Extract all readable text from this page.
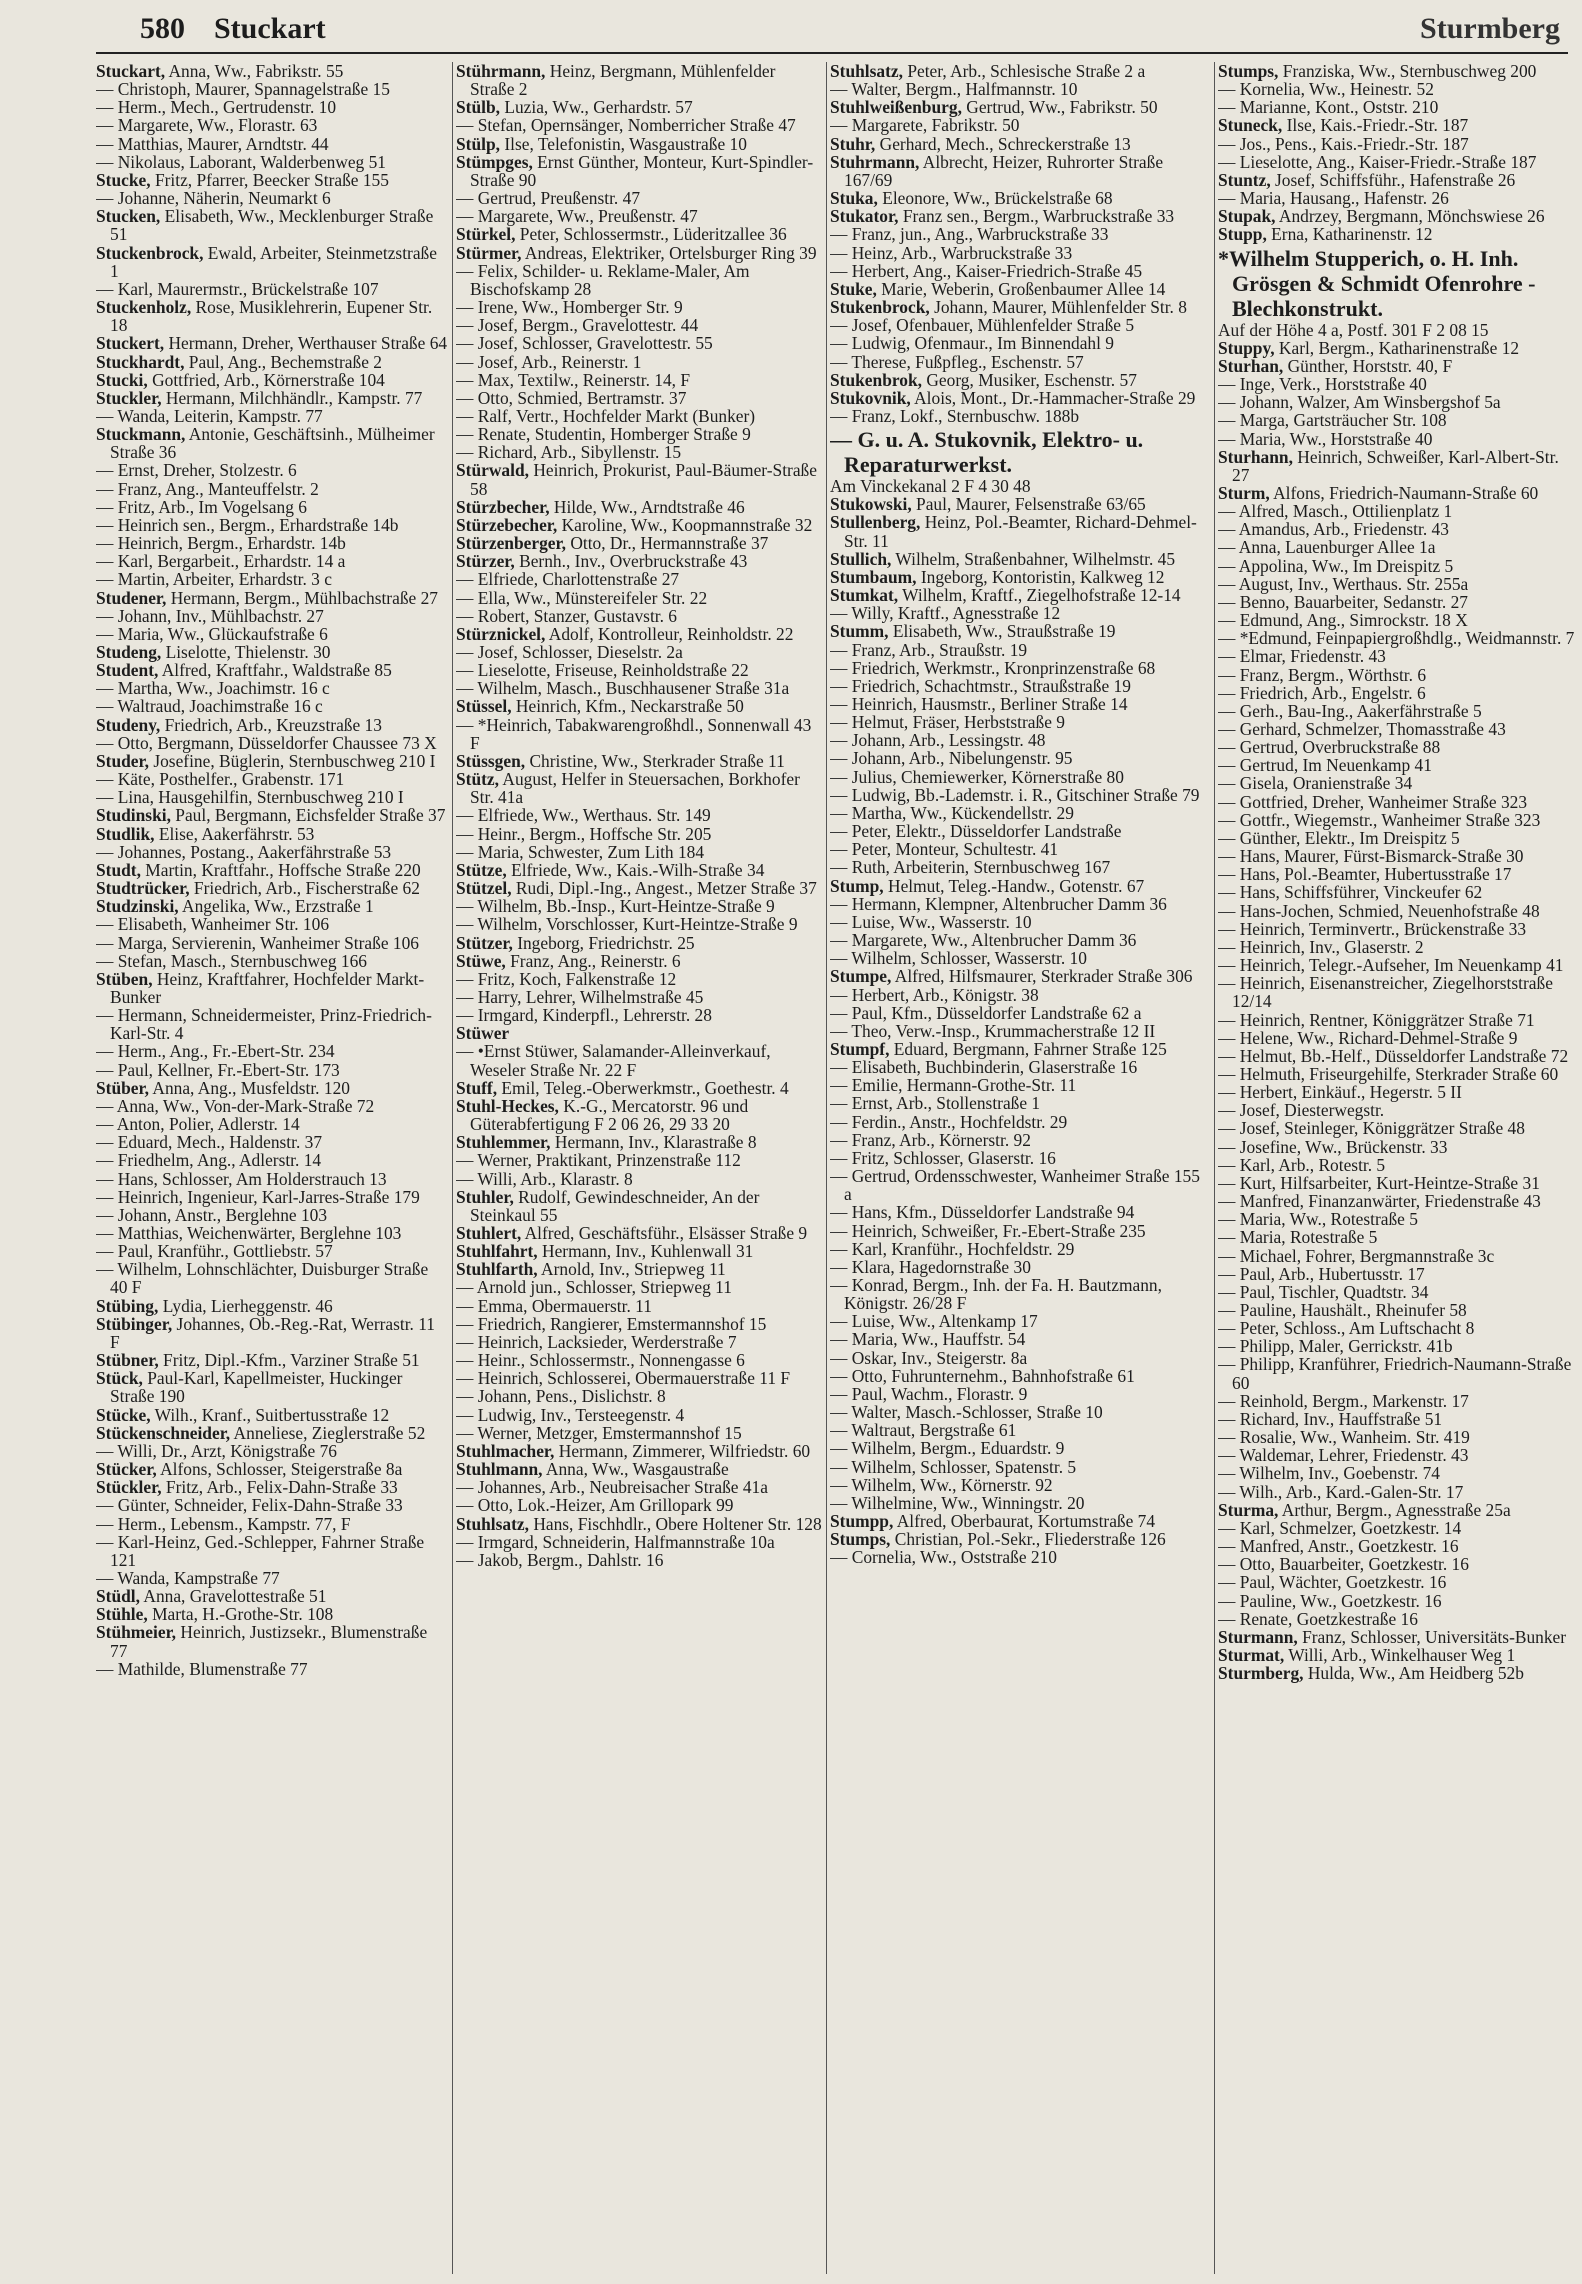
580 Stuckart	Sturmberg

Stuckart, Anna, Ww., Fabrikstr. 55

— Christoph, Maurer, Spannagelstraße 15

— Herm., Mech., Gertrudenstr. 10

— Margarete, Ww., Florastr. 63

— Matthias, Maurer, Arndtstr. 44

— Nikolaus, Laborant, Walderbenweg 51

Stucke, Fritz, Pfarrer, Beecker Straße 155

— Johanne, Näherin, Neumarkt 6

Stucken, Elisabeth, Ww., Mecklenburger Straße 51

Stuckenbrock, Ewald, Arbeiter, Steinmetzstraße 1

— Karl, Maurermstr., Brückelstraße 107

Stuckenholz, Rose, Musiklehrerin, Eupener Str. 18

Stuckert, Hermann, Dreher, Werthauser Straße 64

Stuckhardt, Paul, Ang., Bechemstraße 2

Stucki, Gottfried, Arb., Körnerstraße 104

Stuckler, Hermann, Milchhändlr., Kampstr. 77

— Wanda, Leiterin, Kampstr. 77

Stuckmann, Antonie, Geschäftsinh., Mülheimer Straße 36

— Ernst, Dreher, Stolzestr. 6

— Franz, Ang., Manteuffelstr. 2

— Fritz, Arb., Im Vogelsang 6

— Heinrich sen., Bergm., Erhardstraße 14b

— Heinrich, Bergm., Erhardstr. 14b

— Karl, Bergarbeit., Erhardstr. 14 a

— Martin, Arbeiter, Erhardstr. 3 c

Studener, Hermann, Bergm., Mühlbachstraße 27

— Johann, Inv., Mühlbachstr. 27

— Maria, Ww., Glückaufstraße 6

Studeng, Liselotte, Thielenstr. 30

Student, Alfred, Kraftfahr., Waldstraße 85

— Martha, Ww., Joachimstr. 16 c

— Waltraud, Joachimstraße 16 c

Studeny, Friedrich, Arb., Kreuzstraße 13

— Otto, Bergmann, Düsseldorfer Chaussee 73 X

Studer, Josefine, Büglerin, Sternbuschweg 210 I

— Käte, Posthelfer., Grabenstr. 171

— Lina, Hausgehilfin, Sternbuschweg 210 I

Studinski, Paul, Bergmann, Eichsfelder Straße 37

Studlik, Elise, Aakerfährstr. 53

— Johannes, Postang., Aakerfährstraße 53

Studt, Martin, Kraftfahr., Hoffsche Straße 220

Studtrücker, Friedrich, Arb., Fischerstraße 62

Studzinski, Angelika, Ww., Erzstraße 1

— Elisabeth, Wanheimer Str. 106

— Marga, Servierenin, Wanheimer Straße 106

— Stefan, Masch., Sternbuschweg 166

Stüben, Heinz, Kraftfahrer, Hochfelder Markt-Bunker

— Hermann, Schneidermeister, Prinz-Friedrich-Karl-Str. 4

— Herm., Ang., Fr.-Ebert-Str. 234

— Paul, Kellner, Fr.-Ebert-Str. 173

Stüber, Anna, Ang., Musfeldstr. 120

— Anna, Ww., Von-der-Mark-Straße 72

— Anton, Polier, Adlerstr. 14

— Eduard, Mech., Haldenstr. 37

— Friedhelm, Ang., Adlerstr. 14

— Hans, Schlosser, Am Holderstrauch 13

— Heinrich, Ingenieur, Karl-Jarres-Straße 179

— Johann, Anstr., Berglehne 103

— Matthias, Weichenwärter, Berglehne 103

— Paul, Kranführ., Gottliebstr. 57

— Wilhelm, Lohnschlächter, Duisburger Straße 40 F

Stübing, Lydia, Lierheggenstr. 46

Stübinger, Johannes, Ob.-Reg.-Rat, Werrastr. 11 F

Stübner, Fritz, Dipl.-Kfm., Varziner Straße 51

Stück, Paul-Karl, Kapellmeister, Huckinger Straße 190

Stücke, Wilh., Kranf., Suitbertusstraße 12

Stückenschneider, Anneliese, Zieglerstraße 52

— Willi, Dr., Arzt, Königstraße 76

Stücker, Alfons, Schlosser, Steigerstraße 8a

Stückler, Fritz, Arb., Felix-Dahn-Straße 33

— Günter, Schneider, Felix-Dahn-Straße 33

— Herm., Lebensm., Kampstr. 77, F

— Karl-Heinz, Ged.-Schlepper, Fahrner Straße 121

— Wanda, Kampstraße 77

Stüdl, Anna, Gravelottestraße 51

Stühle, Marta, H.-Grothe-Str. 108

Stühmeier, Heinrich, Justizsekr., Blumenstraße 77

— Mathilde, Blumenstraße 77

Stührmann, Heinz, Bergmann, Mühlenfelder Straße 2

Stülb, Luzia, Ww., Gerhardstr. 57

— Stefan, Opernsänger, Nomberricher Straße 47

Stülp, Ilse, Telefonistin, Wasgaustraße 10

Stümpges, Ernst Günther, Monteur, Kurt-Spindler-Straße 90

— Gertrud, Preußenstr. 47

— Margarete, Ww., Preußenstr. 47

Stürkel, Peter, Schlossermstr., Lüderitzallee 36

Stürmer, Andreas, Elektriker, Ortelsburger Ring 39

— Felix, Schilder- u. Reklame-Maler, Am Bischofskamp 28

— Irene, Ww., Homberger Str. 9

— Josef, Bergm., Gravelottestr. 44

— Josef, Schlosser, Gravelottestr. 55

— Josef, Arb., Reinerstr. 1

— Max, Textilw., Reinerstr. 14, F

— Otto, Schmied, Bertramstr. 37

— Ralf, Vertr., Hochfelder Markt (Bunker)

— Renate, Studentin, Homberger Straße 9

— Richard, Arb., Sibyllenstr. 15

Stürwald, Heinrich, Prokurist, Paul-Bäumer-Straße 58

Stürzbecher, Hilde, Ww., Arndtstraße 46

Stürzebecher, Karoline, Ww., Koopmannstraße 32

Stürzenberger, Otto, Dr., Hermannstraße 37

Stürzer, Bernh., Inv., Overbruckstraße 43

— Elfriede, Charlottenstraße 27

— Ella, Ww., Münstereifeler Str. 22

— Robert, Stanzer, Gustavstr. 6

Stürznickel, Adolf, Kontrolleur, Reinholdstr. 22

— Josef, Schlosser, Dieselstr. 2a

— Lieselotte, Friseuse, Reinholdstraße 22

— Wilhelm, Masch., Buschhausener Straße 31a

Stüssel, Heinrich, Kfm., Neckarstraße 50

— *Heinrich, Tabakwarengroßhdl., Sonnenwall 43 F

Stüssgen, Christine, Ww., Sterkrader Straße 11

Stütz, August, Helfer in Steuersachen, Borkhofer Str. 41a

— Elfriede, Ww., Werthaus. Str. 149

— Heinr., Bergm., Hoffsche Str. 205

— Maria, Schwester, Zum Lith 184

Stütze, Elfriede, Ww., Kais.-Wilh-Straße 34

Stützel, Rudi, Dipl.-Ing., Angest., Metzer Straße 37

— Wilhelm, Bb.-Insp., Kurt-Heintze-Straße 9

— Wilhelm, Vorschlosser, Kurt-Heintze-Straße 9

Stützer, Ingeborg, Friedrichstr. 25

Stüwe, Franz, Ang., Reinerstr. 6

— Fritz, Koch, Falkenstraße 12

— Harry, Lehrer, Wilhelmstraße 45

— Irmgard, Kinderpfl., Lehrerstr. 28

Stüwer

— •Ernst Stüwer, Salamander-Alleinverkauf, Weseler Straße Nr. 22 F

Stuff, Emil, Teleg.-Oberwerkmstr., Goethestr. 4

Stuhl-Heckes, K.-G., Mercatorstr. 96 und Güterabfertigung F 2 06 26, 29 33 20

Stuhlemmer, Hermann, Inv., Klarastraße 8

— Werner, Praktikant, Prinzenstraße 112

— Willi, Arb., Klarastr. 8

Stuhler, Rudolf, Gewindeschneider, An der Steinkaul 55

Stuhlert, Alfred, Geschäftsführ., Elsässer Straße 9

Stuhlfahrt, Hermann, Inv., Kuhlenwall 31

Stuhlfarth, Arnold, Inv., Striepweg 11

— Arnold jun., Schlosser, Striepweg 11

— Emma, Obermauerstr. 11

— Friedrich, Rangierer, Emstermannshof 15

— Heinrich, Lacksieder, Werderstraße 7

— Heinr., Schlossermstr., Nonnengasse 6

— Heinrich, Schlosserei, Obermauerstraße 11 F

— Johann, Pens., Dislichstr. 8

— Ludwig, Inv., Tersteegenstr. 4

— Werner, Metzger, Emstermannshof 15

Stuhlmacher, Hermann, Zimmerer, Wilfriedstr. 60

Stuhlmann, Anna, Ww., Wasgaustraße

— Johannes, Arb., Neubreisacher Straße 41a

— Otto, Lok.-Heizer, Am Grillopark 99

Stuhlsatz, Hans, Fischhdlr., Obere Holtener Str. 128

— Irmgard, Schneiderin, Halfmannstraße 10a

— Jakob, Bergm., Dahlstr. 16

Stuhlsatz, Peter, Arb., Schlesische Straße 2 a

— Walter, Bergm., Halfmannstr. 10

Stuhlweißenburg, Gertrud, Ww., Fabrikstr. 50

— Margarete, Fabrikstr. 50

Stuhr, Gerhard, Mech., Schreckerstraße 13

Stuhrmann, Albrecht, Heizer, Ruhrorter Straße 167/69

Stuka, Eleonore, Ww., Brückelstraße 68

Stukator, Franz sen., Bergm., Warbruckstraße 33

— Franz, jun., Ang., Warbruckstraße 33

— Heinz, Arb., Warbruckstraße 33

— Herbert, Ang., Kaiser-Friedrich-Straße 45

Stuke, Marie, Weberin, Großenbaumer Allee 14

Stukenbrock, Johann, Maurer, Mühlenfelder Str. 8

— Josef, Ofenbauer, Mühlenfelder Straße 5

— Ludwig, Ofenmaur., Im Binnendahl 9

— Therese, Fußpfleg., Eschenstr. 57

Stukenbrok, Georg, Musiker, Eschenstr. 57

Stukovnik, Alois, Mont., Dr.-Hammacher-Straße 29

— Franz, Lokf., Sternbuschw. 188b

— G. u. A. Stukovnik, Elektro- u. Reparaturwerkst.

Am Vinckekanal 2 F 4 30 48

Stukowski, Paul, Maurer, Felsenstraße 63/65

Stullenberg, Heinz, Pol.-Beamter, Richard-Dehmel-Str. 11

Stullich, Wilhelm, Straßenbahner, Wilhelmstr. 45

Stumbaum, Ingeborg, Kontoristin, Kalkweg 12

Stumkat, Wilhelm, Kraftf., Ziegelhofstraße 12-14

— Willy, Kraftf., Agnesstraße 12

Stumm, Elisabeth, Ww., Straußstraße 19

— Franz, Arb., Straußstr. 19

— Friedrich, Werkmstr., Kronprinzenstraße 68

— Friedrich, Schachtmstr., Straußstraße 19

— Heinrich, Hausmstr., Berliner Straße 14

— Helmut, Fräser, Herbststraße 9

— Johann, Arb., Lessingstr. 48

— Johann, Arb., Nibelungenstr. 95

— Julius, Chemiewerker, Körnerstraße 80

— Ludwig, Bb.-Lademstr. i. R., Gitschiner Straße 79

— Martha, Ww., Kückendellstr. 29

— Peter, Elektr., Düsseldorfer Landstraße

— Peter, Monteur, Schultestr. 41

— Ruth, Arbeiterin, Sternbuschweg 167

Stump, Helmut, Teleg.-Handw., Gotenstr. 67

— Hermann, Klempner, Altenbrucher Damm 36

— Luise, Ww., Wasserstr. 10

— Margarete, Ww., Altenbrucher Damm 36

— Wilhelm, Schlosser, Wasserstr. 10

Stumpe, Alfred, Hilfsmaurer, Sterkrader Straße 306

— Herbert, Arb., Königstr. 38

— Paul, Kfm., Düsseldorfer Landstraße 62 a

— Theo, Verw.-Insp., Krummacherstraße 12 II

Stumpf, Eduard, Bergmann, Fahrner Straße 125

— Elisabeth, Buchbinderin, Glaserstraße 16

— Emilie, Hermann-Grothe-Str. 11

— Ernst, Arb., Stollenstraße 1

— Ferdin., Anstr., Hochfeldstr. 29

— Franz, Arb., Körnerstr. 92

— Fritz, Schlosser, Glaserstr. 16

— Gertrud, Ordensschwester, Wanheimer Straße 155 a

— Hans, Kfm., Düsseldorfer Landstraße 94

— Heinrich, Schweißer, Fr.-Ebert-Straße 235

— Karl, Kranführ., Hochfeldstr. 29

— Klara, Hagedornstraße 30

— Konrad, Bergm., Inh. der Fa. H. Bautzmann, Königstr. 26/28 F

— Luise, Ww., Altenkamp 17

— Maria, Ww., Hauffstr. 54

— Oskar, Inv., Steigerstr. 8a

— Otto, Fuhrunternehm., Bahnhofstraße 61

— Paul, Wachm., Florastr. 9

— Walter, Masch.-Schlosser, Straße 10

— Waltraut, Bergstraße 61

— Wilhelm, Bergm., Eduardstr. 9

— Wilhelm, Schlosser, Spatenstr. 5

— Wilhelm, Ww., Körnerstr. 92

— Wilhelmine, Ww., Winningstr. 20

Stumpp, Alfred, Oberbaurat, Kortumstraße 74

Stumps, Christian, Pol.-Sekr., Fliederstraße 126

— Cornelia, Ww., Oststraße 210

Stumps, Franziska, Ww., Sternbuschweg 200

— Kornelia, Ww., Heinestr. 52

— Marianne, Kont., Oststr. 210

Stuneck, Ilse, Kais.-Friedr.-Str. 187

— Jos., Pens., Kais.-Friedr.-Str. 187

— Lieselotte, Ang., Kaiser-Friedr.-Straße 187

Stuntz, Josef, Schiffsführ., Hafenstraße 26

— Maria, Hausang., Hafenstr. 26

Stupak, Andrzey, Bergmann, Mönchswiese 26

Stupp, Erna, Katharinenstr. 12

*Wilhelm Stupperich, o. H. Inh. Grösgen & Schmidt Ofenrohre - Blechkonstrukt.

Auf der Höhe 4 a, Postf. 301 F 2 08 15

Stuppy, Karl, Bergm., Katharinenstraße 12

Sturhan, Günther, Horststr. 40, F

— Inge, Verk., Horststraße 40

— Johann, Walzer, Am Winsbergshof 5a

— Marga, Gartsträucher Str. 108

— Maria, Ww., Horststraße 40

Sturhann, Heinrich, Schweißer, Karl-Albert-Str. 27

Sturm, Alfons, Friedrich-Naumann-Straße 60

— Alfred, Masch., Ottilienplatz 1

— Amandus, Arb., Friedenstr. 43

— Anna, Lauenburger Allee 1a

— Appolina, Ww., Im Dreispitz 5

— August, Inv., Werthaus. Str. 255a

— Benno, Bauarbeiter, Sedanstr. 27

— Edmund, Ang., Simrockstr. 18 X

— *Edmund, Feinpapiergroßhdlg., Weidmannstr. 7

— Elmar, Friedenstr. 43

— Franz, Bergm., Wörthstr. 6

— Friedrich, Arb., Engelstr. 6

— Gerh., Bau-Ing., Aakerfährstraße 5

— Gerhard, Schmelzer, Thomasstraße 43

— Gertrud, Overbruckstraße 88

— Gertrud, Im Neuenkamp 41

— Gisela, Oranienstraße 34

— Gottfried, Dreher, Wanheimer Straße 323

— Gottfr., Wiegemstr., Wanheimer Straße 323

— Günther, Elektr., Im Dreispitz 5

— Hans, Maurer, Fürst-Bismarck-Straße 30

— Hans, Pol.-Beamter, Hubertusstraße 17

— Hans, Schiffsführer, Vinckeufer 62

— Hans-Jochen, Schmied, Neuenhofstraße 48

— Heinrich, Terminvertr., Brückenstraße 33

— Heinrich, Inv., Glaserstr. 2

— Heinrich, Telegr.-Aufseher, Im Neuenkamp 41

— Heinrich, Eisenanstreicher, Ziegelhorststraße 12/14

— Heinrich, Rentner, Königgrätzer Straße 71

— Helene, Ww., Richard-Dehmel-Straße 9

— Helmut, Bb.-Helf., Düsseldorfer Landstraße 72

— Helmuth, Friseurgehilfe, Sterkrader Straße 60

— Herbert, Einkäuf., Hegerstr. 5 II

— Josef, Diesterwegstr.

— Josef, Steinleger, Königgrätzer Straße 48

— Josefine, Ww., Brückenstr. 33

— Karl, Arb., Rotestr. 5

— Kurt, Hilfsarbeiter, Kurt-Heintze-Straße 31

— Manfred, Finanzanwärter, Friedenstraße 43

— Maria, Ww., Rotestraße 5

— Maria, Rotestraße 5

— Michael, Fohrer, Bergmannstraße 3c

— Paul, Arb., Hubertusstr. 17

— Paul, Tischler, Quadtstr. 34

— Pauline, Haushält., Rheinufer 58

— Peter, Schloss., Am Luftschacht 8

— Philipp, Maler, Gerrickstr. 41b

— Philipp, Kranführer, Friedrich-Naumann-Straße 60

— Reinhold, Bergm., Markenstr. 17

— Richard, Inv., Hauffstraße 51

— Rosalie, Ww., Wanheim. Str. 419

— Waldemar, Lehrer, Friedenstr. 43

— Wilhelm, Inv., Goebenstr. 74

— Wilh., Arb., Kard.-Galen-Str. 17

Sturma, Arthur, Bergm., Agnesstraße 25a

— Karl, Schmelzer, Goetzkestr. 14

— Manfred, Anstr., Goetzkestr. 16

— Otto, Bauarbeiter, Goetzkestr. 16

— Paul, Wächter, Goetzkestr. 16

— Pauline, Ww., Goetzkestr. 16

— Renate, Goetzkestraße 16

Sturmann, Franz, Schlosser, Universitäts-Bunker

Sturmat, Willi, Arb., Winkelhauser Weg 1

Sturmberg, Hulda, Ww., Am Heidberg 52b
